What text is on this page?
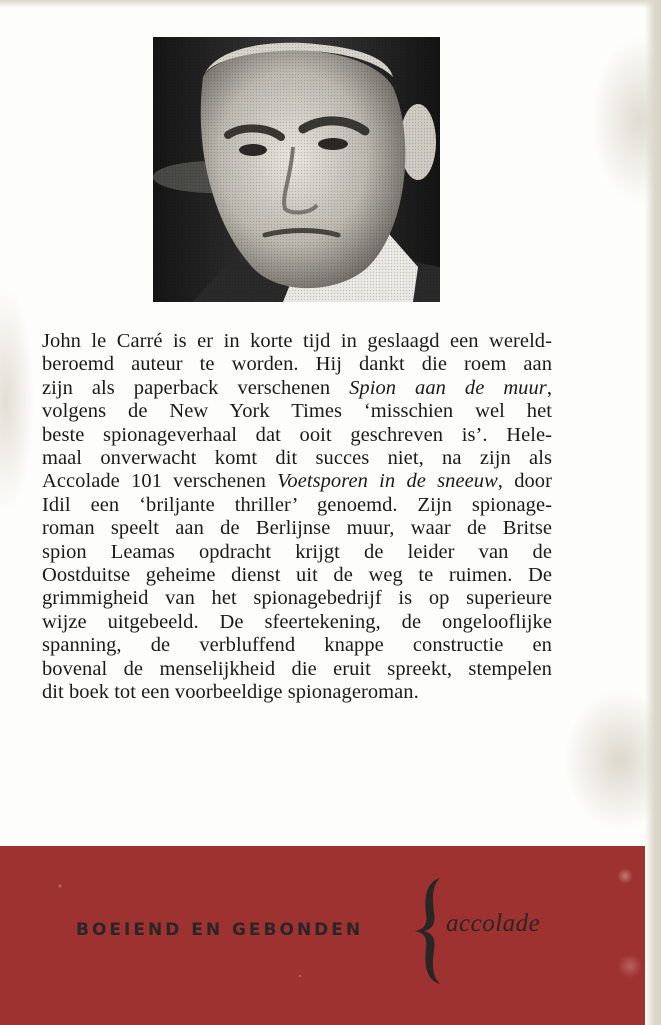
John le Carré is er in korte tijd in geslaagd een wereld-
beroemd auteur te worden. Hij dankt die roem aan
zijn als paperback verschenen Spion aan de muur,
volgens de New York Times ‘misschien wel het
beste spionageverhaal dat ooit geschreven is’. Hele-
maal onverwacht komt dit succes niet, na zijn als
Accolade 101 verschenen Voetsporen in de sneeuw, door
Idil een ‘briljante thriller’ genoemd. Zijn spionage-
roman speelt aan de Berlijnse muur, waar de Britse
spion Leamas opdracht krijgt de leider van de
Oostduitse geheime dienst uit de weg te ruimen. De
grimmigheid van het spionagebedrijf is op superieure
wijze uitgebeeld. De sfeertekening, de ongelooflijke
spanning, de verbluffend knappe constructie en
bovenal de menselijkheid die eruit spreekt, stempelen
dit boek tot een voorbeeldige spionageroman.
BOEIEND EN GEBONDEN	accolade
